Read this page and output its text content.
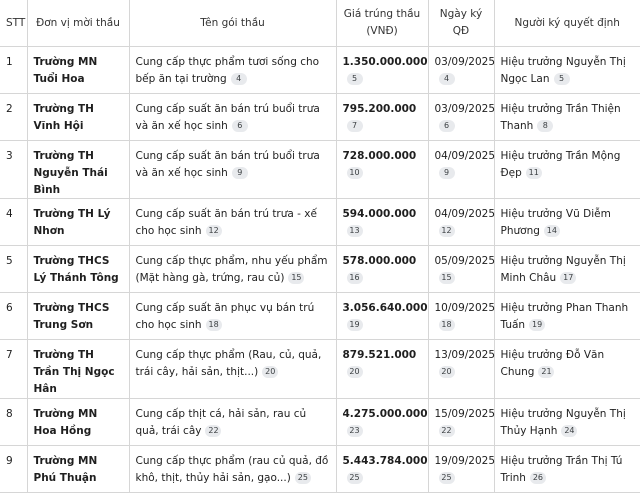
STT	Đơn vị mời thầu	Tên gói thầu	Giá trúng thầu
(VNĐ)	Ngày ký QĐ	Người ký quyết định

1	Trường MN Tuổi Hoa	Cung cấp thực phẩm tươi sống cho bếp ăn tại trường 4	1.350.000.0005	03/09/20254	Hiệu trưởng Nguyễn Thị Ngọc Lan 5

2	Trường TH Vĩnh Hội	Cung cấp suất ăn bán trú buổi trưa và ăn xế học sinh 6	795.200.0007	03/09/20256	Hiệu trưởng Trần Thiện Thanh 8

3	Trường TH Nguyễn Thái Bình	Cung cấp suất ăn bán trú buổi trưa và ăn xế học sinh 9	728.000.00010	04/09/20259	Hiệu trưởng Trần Mộng Đẹp 11

4	Trường TH Lý Nhơn	Cung cấp suất ăn bán trú trưa - xế cho học sinh 12	594.000.00013	04/09/202512	Hiệu trưởng Vũ Diễm Phương 14

5	Trường THCS Lý Thánh Tông	Cung cấp thực phẩm, nhu yếu phẩm (Mặt hàng gà, trứng, rau củ) 15	578.000.00016	05/09/202515	Hiệu trưởng Nguyễn Thị Minh Châu 17

6	Trường THCS Trung Sơn	Cung cấp suất ăn phục vụ bán trú cho học sinh 18	3.056.640.00019	10/09/202518	Hiệu trưởng Phan Thanh Tuấn 19

7	Trường TH Trần Thị Ngọc Hân	Cung cấp thực phẩm (Rau, củ, quả, trái cây, hải sản, thịt...) 20	879.521.00020	13/09/202520	Hiệu trưởng Đỗ Văn Chung 21

8	Trường MN Hoa Hồng	Cung cấp thịt cá, hải sản, rau củ quả, trái cây 22	4.275.000.00023	15/09/202522	Hiệu trưởng Nguyễn Thị Thủy Hạnh 24

9	Trường MN Phú Thuận	Cung cấp thực phẩm (rau củ quả, đồ khô, thịt, thủy hải sản, gạo...) 25	5.443.784.00025	19/09/202525	Hiệu trưởng Trần Thị Tú Trinh 26
